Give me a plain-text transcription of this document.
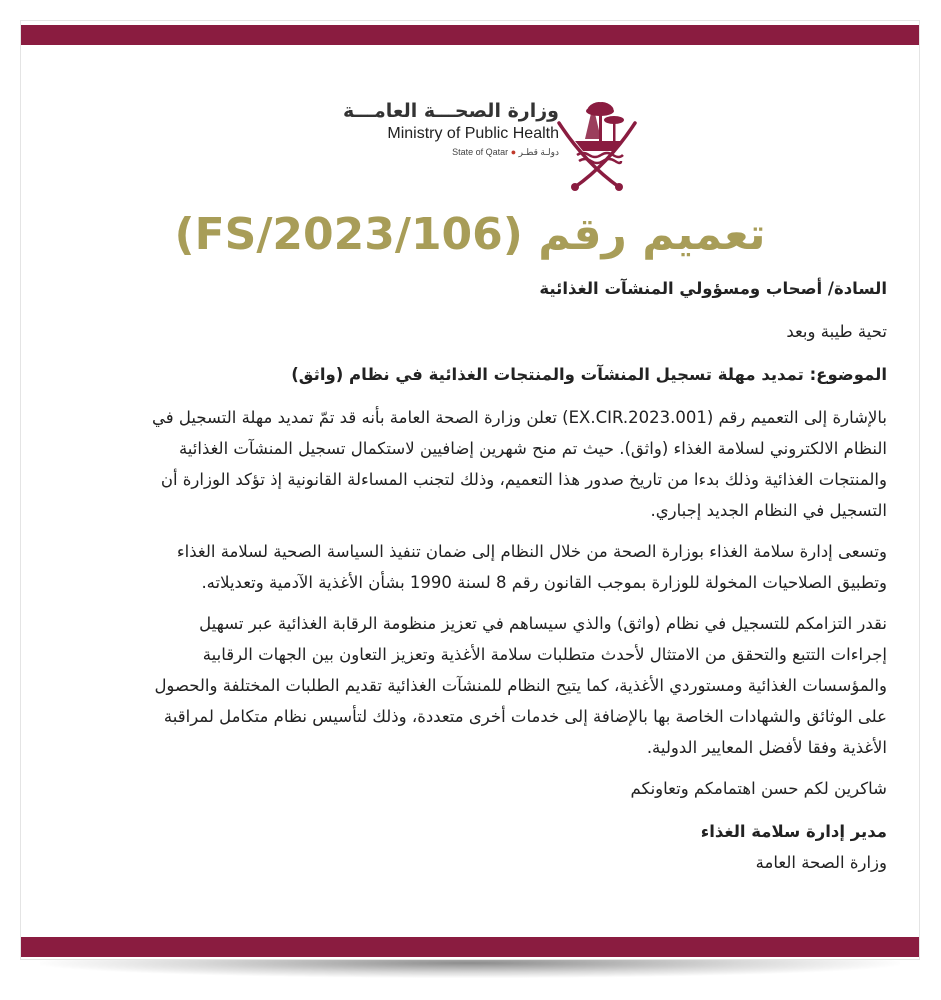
وزارة الصحـــة العامـــة
Ministry of Public Health
State of Qatar ● دولـة قطـر
تعميم رقم (FS/2023/106)
السادة/ أصحاب ومسؤولي المنشآت الغذائية
تحية طيبة وبعد
الموضوع: تمديد مهلة تسجيل المنشآت والمنتجات الغذائية في نظام (واثق)
بالإشارة إلى التعميم رقم (EX.CIR.2023.001) تعلن وزارة الصحة العامة بأنه قد تمّ تمديد مهلة التسجيل في
النظام الالكتروني لسلامة الغذاء (واثق). حيث تم منح شهرين إضافيين لاستكمال تسجيل المنشآت الغذائية
والمنتجات الغذائية وذلك بدءا من تاريخ صدور هذا التعميم، وذلك لتجنب المساءلة القانونية إذ تؤكد الوزارة أن
التسجيل في النظام الجديد إجباري.
وتسعى إدارة سلامة الغذاء بوزارة الصحة من خلال النظام إلى ضمان تنفيذ السياسة الصحية لسلامة الغذاء
وتطبيق الصلاحيات المخولة للوزارة بموجب القانون رقم 8 لسنة 1990 بشأن الأغذية الآدمية وتعديلاته.
نقدر التزامكم للتسجيل في نظام (واثق) والذي سيساهم في تعزيز منظومة الرقابة الغذائية عبر تسهيل
إجراءات التتبع والتحقق من الامتثال لأحدث متطلبات سلامة الأغذية وتعزيز التعاون بين الجهات الرقابية
والمؤسسات الغذائية ومستوردي الأغذية، كما يتيح النظام للمنشآت الغذائية تقديم الطلبات المختلفة والحصول
على الوثائق والشهادات الخاصة بها بالإضافة إلى خدمات أخرى متعددة، وذلك لتأسيس نظام متكامل لمراقبة
الأغذية وفقا لأفضل المعايير الدولية.
شاكرين لكم حسن اهتمامكم وتعاونكم
مدير إدارة سلامة الغذاء
وزارة الصحة العامة
